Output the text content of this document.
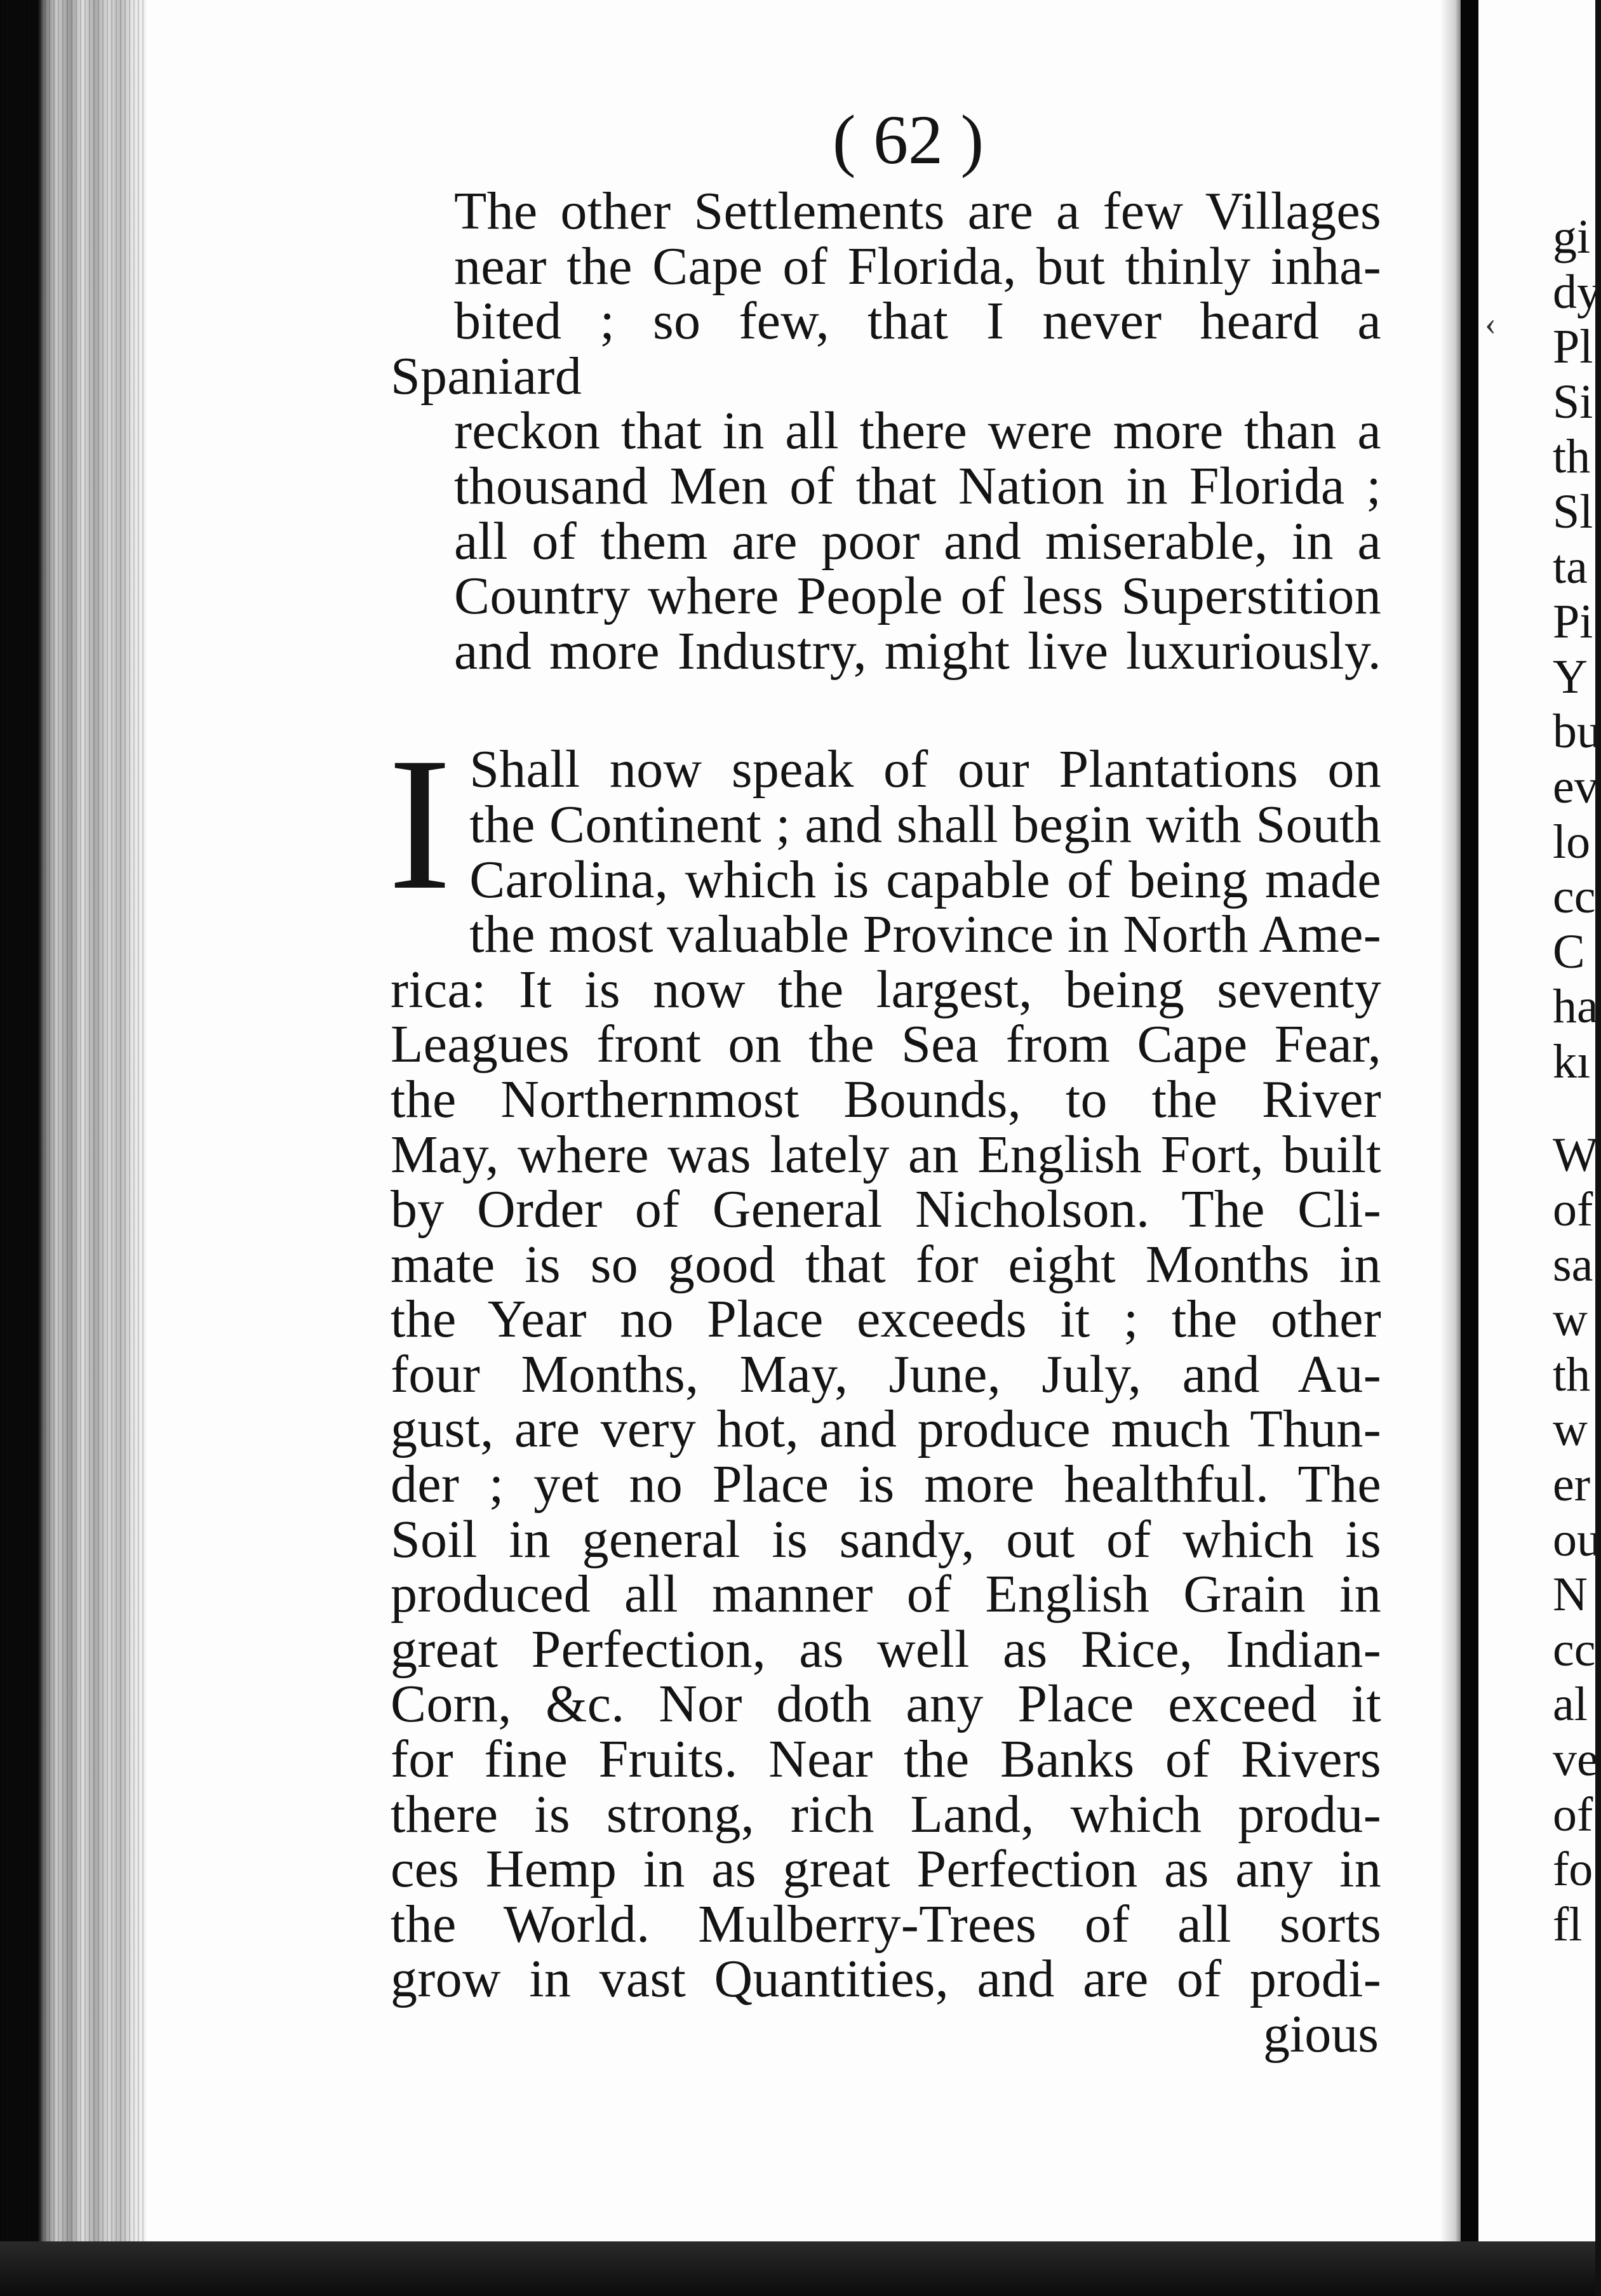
( 62 )

The other Settlements are a few Villages

near the Cape of Florida, but thinly inha-

bited ; so few, that I never heard a Spaniard

reckon that in all there were more than a

thousand Men of that Nation in Florida ;

all of them are poor and miserable, in a

Country where People of less Superstition

and more Industry, might live luxuriously.

I Shall now speak of our Plantations on

the Continent ; and shall begin with South

Carolina, which is capable of being made

the most valuable Province in North Ame-

rica: It is now the largest, being seventy

Leagues front on the Sea from Cape Fear,

the Northernmost Bounds, to the River

May, where was lately an English Fort, built

by Order of General Nicholson. The Cli-

mate is so good that for eight Months in

the Year no Place exceeds it ; the other

four Months, May, June, July, and Au-

gust, are very hot, and produce much Thun-

der ; yet no Place is more healthful. The

Soil in general is sandy, out of which is

produced all manner of English Grain in

great Perfection, as well as Rice, Indian-

Corn, &c. Nor doth any Place exceed it

for fine Fruits. Near the Banks of Rivers

there is strong, rich Land, which produ-

ces Hemp in as great Perfection as any in

the World. Mulberry-Trees of all sorts

grow in vast Quantities, and are of prodi-

gious
‹
gi
dy
Pl
Si
th
Sl
ta
Pi
Y
bu
ev
lo
cc
C
ha
kı
W
of
sa
w
th
w
er
ou
N
cc
al
ve
of
fo
fl
